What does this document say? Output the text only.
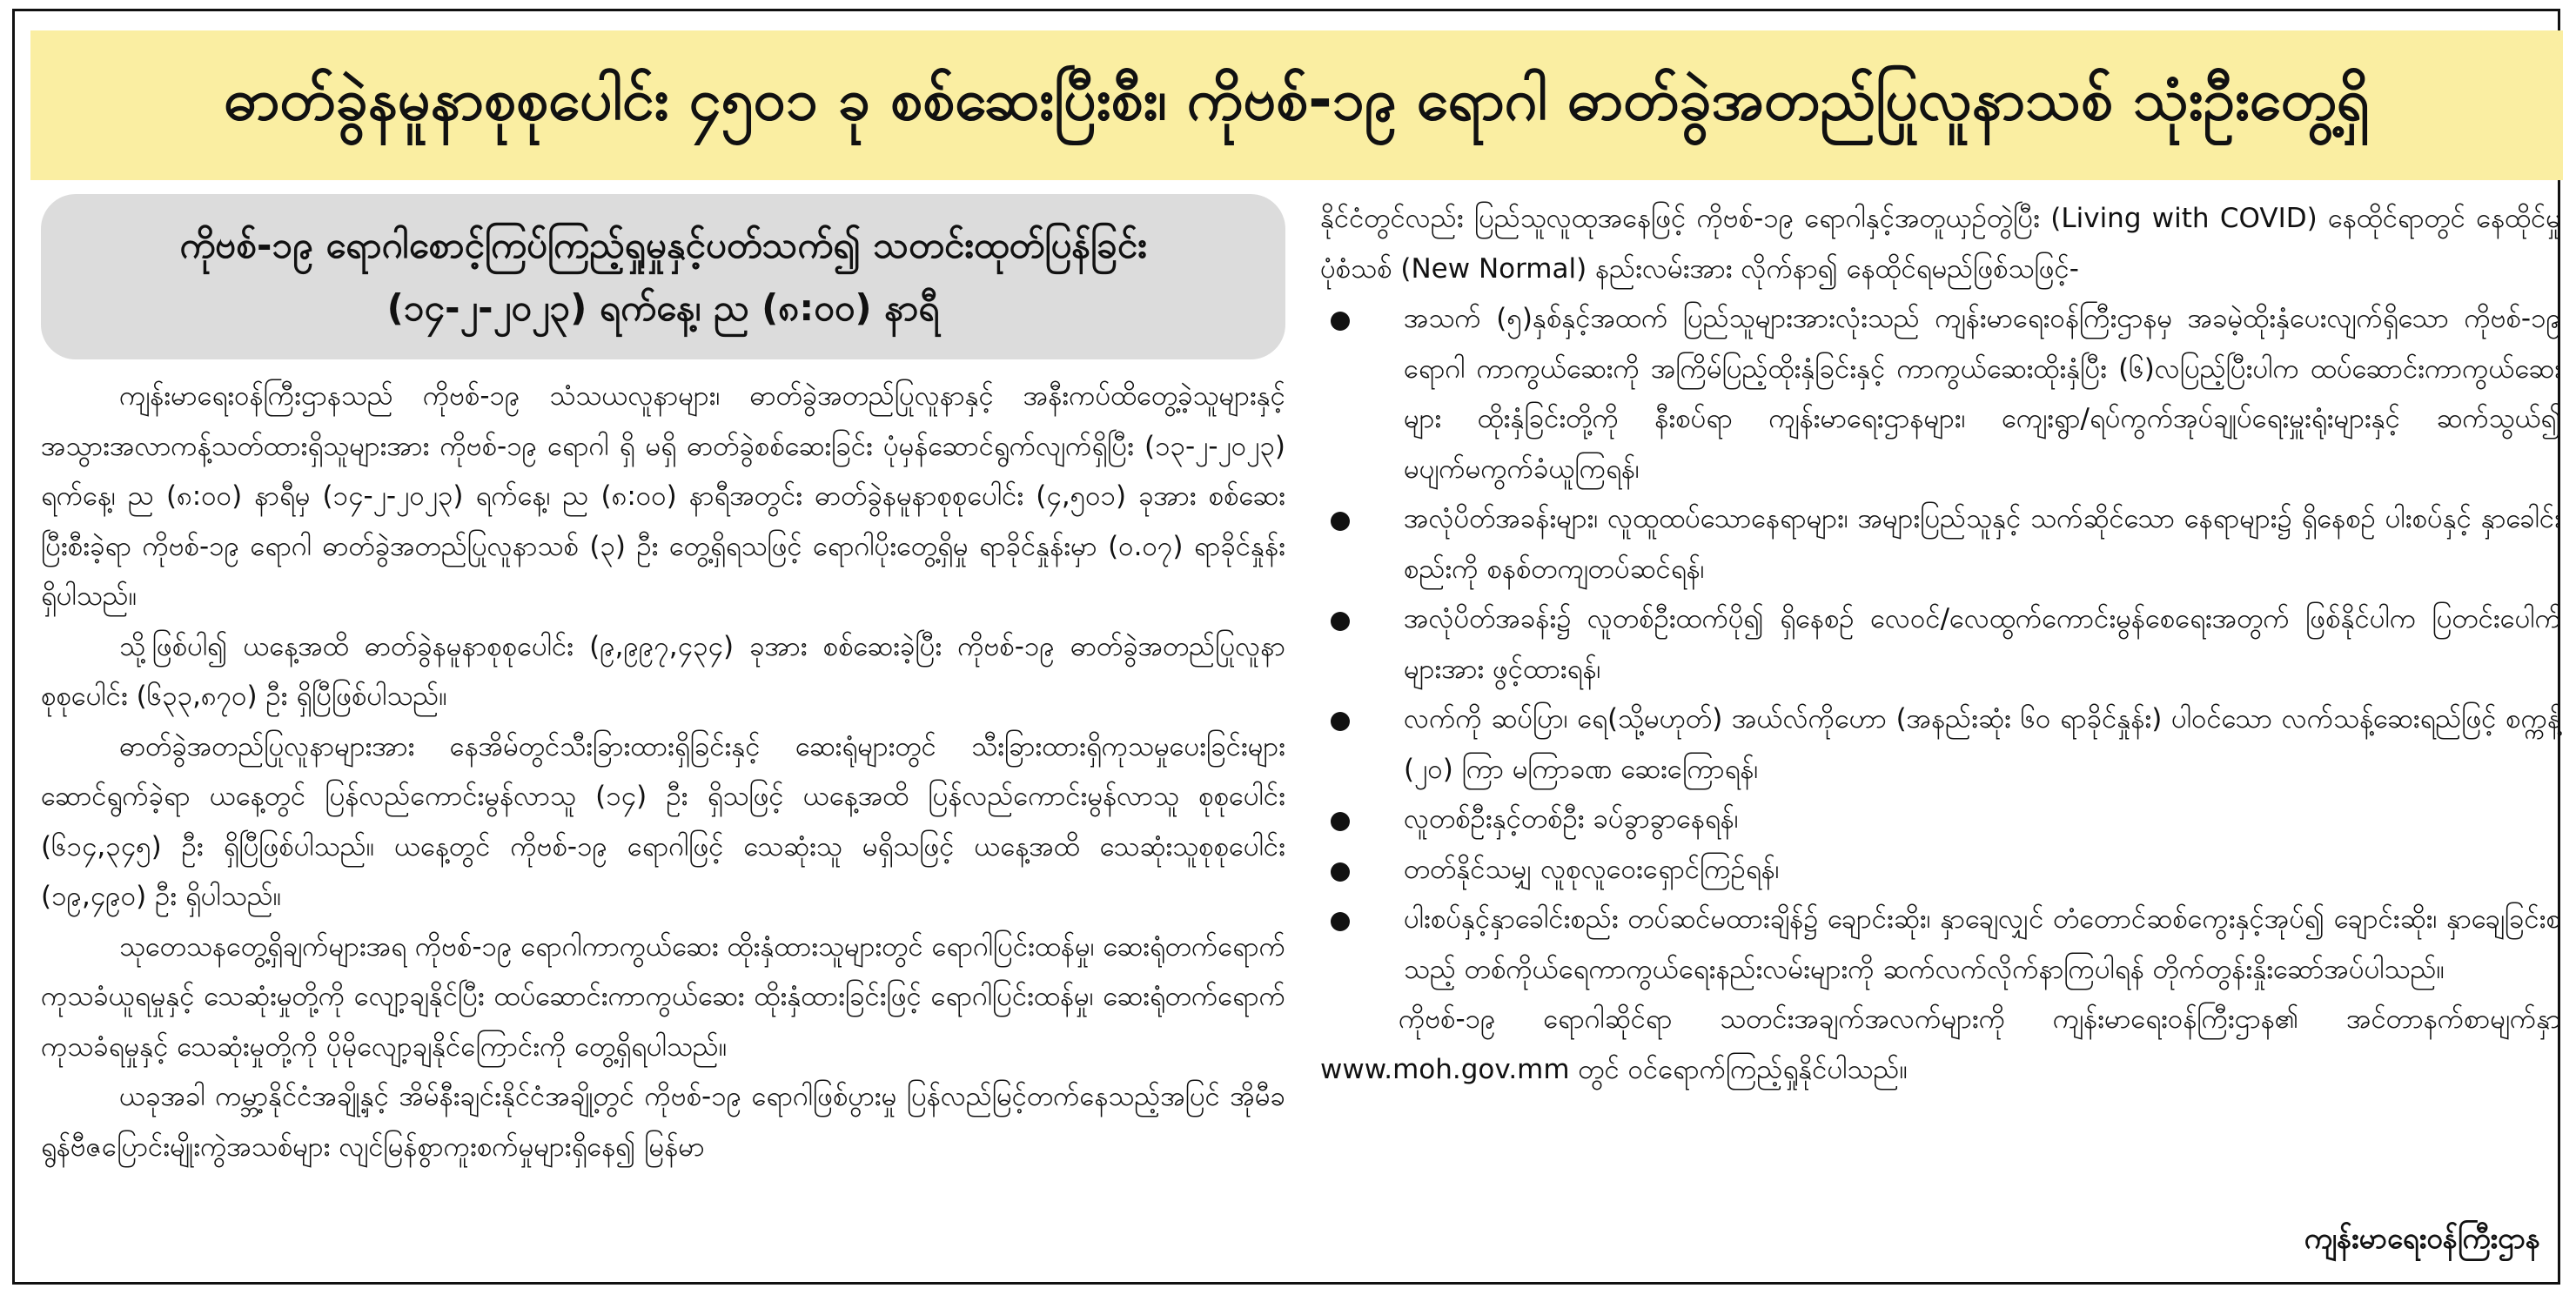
ဓာတ်ခွဲနမူနာစုစုပေါင်း ၄၅၀၁ ခု စစ်ဆေးပြီးစီး၊ ကိုဗစ်-၁၉ ရောဂါ ဓာတ်ခွဲအတည်ပြုလူနာသစ် သုံးဦးတွေ့ရှိ
ကိုဗစ်-၁၉ ရောဂါစောင့်ကြပ်ကြည့်ရှုမှုနှင့်ပတ်သက်၍ သတင်းထုတ်ပြန်ခြင်း
(၁၄-၂-၂၀၂၃) ရက်နေ့၊ ည (၈:၀၀) နာရီ

ကျန်းမာရေးဝန်ကြီးဌာနသည် ကိုဗစ်-၁၉ သံသယလူနာများ၊ ဓာတ်ခွဲအတည်ပြုလူနာနှင့် အနီးကပ်ထိတွေ့ခဲ့သူများနှင့် အသွားအလာကန့်သတ်ထားရှိသူများအား ကိုဗစ်-၁၉ ရောဂါ ရှိ မရှိ ဓာတ်ခွဲစစ်ဆေးခြင်း ပုံမှန်ဆောင်ရွက်လျက်ရှိပြီး (၁၃-၂-၂၀၂၃) ရက်နေ့၊ ည (၈:၀၀) နာရီမှ (၁၄-၂-၂၀၂၃) ရက်နေ့၊ ည (၈:၀၀) နာရီအတွင်း ဓာတ်ခွဲနမူနာစုစုပေါင်း (၄,၅၀၁) ခုအား စစ်ဆေးပြီးစီးခဲ့ရာ ကိုဗစ်-၁၉ ရောဂါ ဓာတ်ခွဲအတည်ပြုလူနာသစ် (၃) ဦး တွေ့ရှိရသဖြင့် ရောဂါပိုးတွေ့ရှိမှု ရာခိုင်နှုန်းမှာ (၀.၀၇) ရာခိုင်နှုန်း ရှိပါသည်။

သို့ဖြစ်ပါ၍ ယနေ့အထိ ဓာတ်ခွဲနမူနာစုစုပေါင်း (၉,၉၉၇,၄၃၄) ခုအား စစ်ဆေးခဲ့ပြီး ကိုဗစ်-၁၉ ဓာတ်ခွဲအတည်ပြုလူနာ စုစုပေါင်း (၆၃၃,၈၇၀) ဦး ရှိပြီဖြစ်ပါသည်။

ဓာတ်ခွဲအတည်ပြုလူနာများအား နေအိမ်တွင်သီးခြားထားရှိခြင်းနှင့် ဆေးရုံများတွင် သီးခြားထားရှိကုသမှုပေးခြင်းများ ဆောင်ရွက်ခဲ့ရာ ယနေ့တွင် ပြန်လည်ကောင်းမွန်လာသူ (၁၄) ဦး ရှိသဖြင့် ယနေ့အထိ ပြန်လည်ကောင်းမွန်လာသူ စုစုပေါင်း (၆၁၄,၃၄၅) ဦး ရှိပြီဖြစ်ပါသည်။ ယနေ့တွင် ကိုဗစ်-၁၉ ရောဂါဖြင့် သေဆုံးသူ မရှိသဖြင့် ယနေ့အထိ သေဆုံးသူစုစုပေါင်း (၁၉,၄၉၀) ဦး ရှိပါသည်။

သုတေသနတွေ့ရှိချက်များအရ ကိုဗစ်-၁၉ ရောဂါကာကွယ်ဆေး ထိုးနှံထားသူများတွင် ရောဂါပြင်းထန်မှု၊ ဆေးရုံတက်ရောက်ကုသခံယူရမှုနှင့် သေဆုံးမှုတို့ကို လျော့ချနိုင်ပြီး ထပ်ဆောင်းကာကွယ်ဆေး ထိုးနှံထားခြင်းဖြင့် ရောဂါပြင်းထန်မှု၊ ဆေးရုံတက်ရောက်ကုသခံရမှုနှင့် သေဆုံးမှုတို့ကို ပိုမိုလျော့ချနိုင်ကြောင်းကို တွေ့ရှိရပါသည်။

ယခုအခါ ကမ္ဘာ့နိုင်ငံအချို့နှင့် အိမ်နီးချင်းနိုင်ငံအချို့တွင် ကိုဗစ်-၁၉ ရောဂါဖြစ်ပွားမှု ပြန်လည်မြင့်တက်နေသည့်အပြင် အိုမီခရွန်ဗီဇပြောင်းမျိုးကွဲအသစ်များ လျင်မြန်စွာကူးစက်မှုများရှိနေ၍ မြန်မာ

နိုင်ငံတွင်လည်း ပြည်သူလူထုအနေဖြင့် ကိုဗစ်-၁၉ ရောဂါနှင့်အတူယှဉ်တွဲပြီး (Living with COVID) နေထိုင်ရာတွင် နေထိုင်မှုပုံစံသစ် (New Normal) နည်းလမ်းအား လိုက်နာ၍ နေထိုင်ရမည်ဖြစ်သဖြင့်-

အသက် (၅)နှစ်နှင့်အထက် ပြည်သူများအားလုံးသည် ကျန်းမာရေးဝန်ကြီးဌာနမှ အခမဲ့ထိုးနှံပေးလျက်ရှိသော ကိုဗစ်-၁၉ ရောဂါ ကာကွယ်ဆေးကို အကြိမ်ပြည့်ထိုးနှံခြင်းနှင့် ကာကွယ်ဆေးထိုးနှံပြီး (၆)လပြည့်ပြီးပါက ထပ်ဆောင်းကာကွယ်ဆေးများ ထိုးနှံခြင်းတို့ကို နီးစပ်ရာ ကျန်းမာရေးဌာနများ၊ ကျေးရွာ/ရပ်ကွက်အုပ်ချုပ်ရေးမှူးရုံးများနှင့် ဆက်သွယ်၍ မပျက်မကွက်ခံယူကြရန်၊
အလုံပိတ်အခန်းများ၊ လူထူထပ်သောနေရာများ၊ အများပြည်သူနှင့် သက်ဆိုင်သော နေရာများ၌ ရှိနေစဉ် ပါးစပ်နှင့် နှာခေါင်းစည်းကို စနစ်တကျတပ်ဆင်ရန်၊
အလုံပိတ်အခန်း၌ လူတစ်ဦးထက်ပို၍ ရှိနေစဉ် လေဝင်/လေထွက်ကောင်းမွန်စေရေးအတွက် ဖြစ်နိုင်ပါက ပြတင်းပေါက်များအား ဖွင့်ထားရန်၊
လက်ကို ဆပ်ပြာ၊ ရေ(သို့မဟုတ်) အယ်လ်ကိုဟော (အနည်းဆုံး ၆၀ ရာခိုင်နှုန်း) ပါဝင်သော လက်သန့်ဆေးရည်ဖြင့် စက္ကန့် (၂၀) ကြာ မကြာခဏ ဆေးကြောရန်၊
လူတစ်ဦးနှင့်တစ်ဦး ခပ်ခွာခွာနေရန်၊
တတ်နိုင်သမျှ လူစုလူဝေးရှောင်ကြဉ်ရန်၊
ပါးစပ်နှင့်နှာခေါင်းစည်း တပ်ဆင်မထားချိန်၌ ချောင်းဆိုး၊ နှာချေလျှင် တံတောင်ဆစ်ကွေးနှင့်အုပ်၍ ချောင်းဆိုး၊ နှာချေခြင်းစသည့် တစ်ကိုယ်ရေကာကွယ်ရေးနည်းလမ်းများကို ဆက်လက်လိုက်နာကြပါရန် တိုက်တွန်းနှိုးဆော်အပ်ပါသည်။

ကိုဗစ်-၁၉ ရောဂါဆိုင်ရာ သတင်းအချက်အလက်များကို ကျန်းမာရေးဝန်ကြီးဌာန၏ အင်တာနက်စာမျက်နှာ www.moh.gov.mm တွင် ဝင်ရောက်ကြည့်ရှုနိုင်ပါသည်။

ကျန်းမာရေးဝန်ကြီးဌာန
